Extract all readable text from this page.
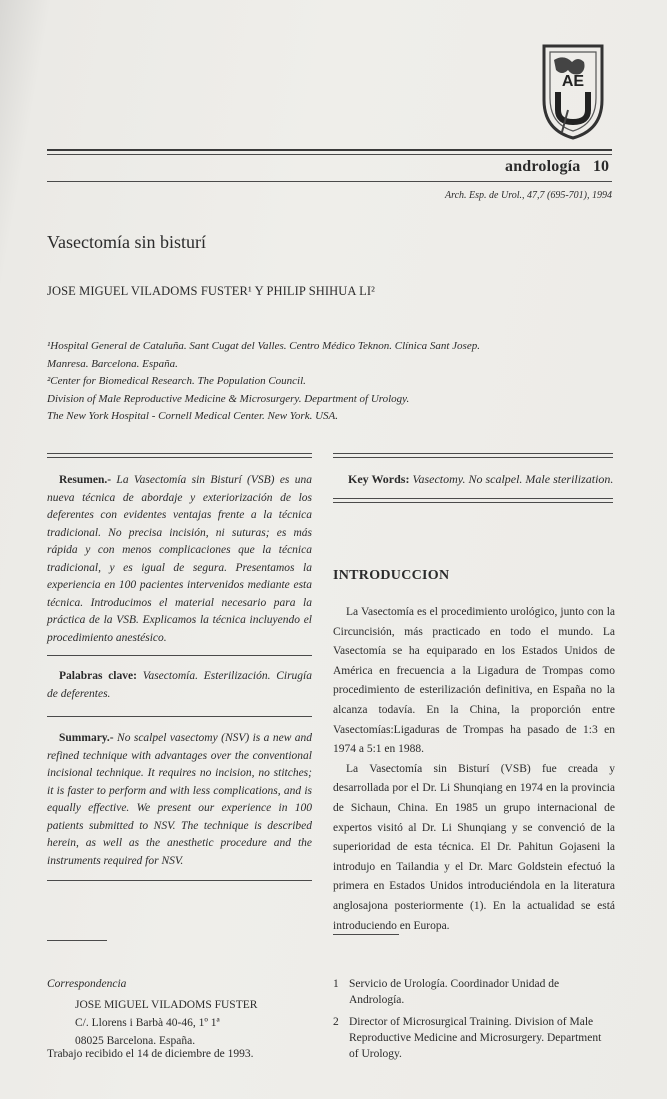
AE
andrología 10
Arch. Esp. de Urol., 47,7 (695-701), 1994
Vasectomía sin bisturí
JOSE MIGUEL VILADOMS FUSTER¹ Y PHILIP SHIHUA LI²
¹Hospital General de Cataluña. Sant Cugat del Valles. Centro Médico Teknon. Clínica Sant Josep.
Manresa. Barcelona. España.
²Center for Biomedical Research. The Population Council.
Division of Male Reproductive Medicine & Microsurgery. Department of Urology.
The New York Hospital - Cornell Medical Center. New York. USA.
Resumen.- La Vasectomía sin Bisturí (VSB) es una nueva técnica de abordaje y exteriorización de los deferentes con evidentes ventajas frente a la técnica tradicional. No precisa incisión, ni suturas; es más rápida y con menos complicaciones que la técnica tradicional, y es igual de segura. Presentamos la experiencia en 100 pacientes intervenidos mediante esta técnica. Introducimos el material necesario para la práctica de la VSB. Explicamos la técnica incluyendo el procedimiento anestésico.
Palabras clave: Vasectomía. Esterilización. Cirugía de deferentes.
Summary.- No scalpel vasectomy (NSV) is a new and refined technique with advantages over the conventional incisional technique. It requires no incision, no stitches; it is faster to perform and with less complications, and is equally effective. We present our experience in 100 patients submitted to NSV. The technique is described herein, as well as the anesthetic procedure and the instruments required for NSV.
Key Words: Vasectomy. No scalpel. Male sterilization.
INTRODUCCION

La Vasectomía es el procedimiento urológico, junto con la Circuncisión, más practicado en todo el mundo. La Vasectomía se ha equiparado en los Estados Unidos de América en frecuencia a la Ligadura de Trompas como procedimiento de esterilización definitiva, en España no la alcanza todavía. En la China, la proporción entre Vasectomías:Ligaduras de Trompas ha pasado de 1:3 en 1974 a 5:1 en 1988.

La Vasectomía sin Bisturí (VSB) fue creada y desarrollada por el Dr. Li Shunqiang en 1974 en la provincia de Sichaun, China. En 1985 un grupo internacional de expertos visitó al Dr. Li Shunqiang y se convenció de la superioridad de esta técnica. El Dr. Pahitun Gojaseni la introdujo en Tailandia y el Dr. Marc Goldstein efectuó la primera en Estados Unidos introduciéndola en la literatura anglosajona posteriormente (1). En la actualidad se está introduciendo en Europa.

1 Servicio de Urología. Coordinador Unidad de Andrología.
2 Director of Microsurgical Training. Division of Male Reproductive Medicine and Microsurgery. Department of Urology.
Correspondencia
JOSE MIGUEL VILADOMS FUSTER
C/. Llorens i Barbà 40-46, 1º 1ª
08025 Barcelona. España.
Trabajo recibido el 14 de diciembre de 1993.
